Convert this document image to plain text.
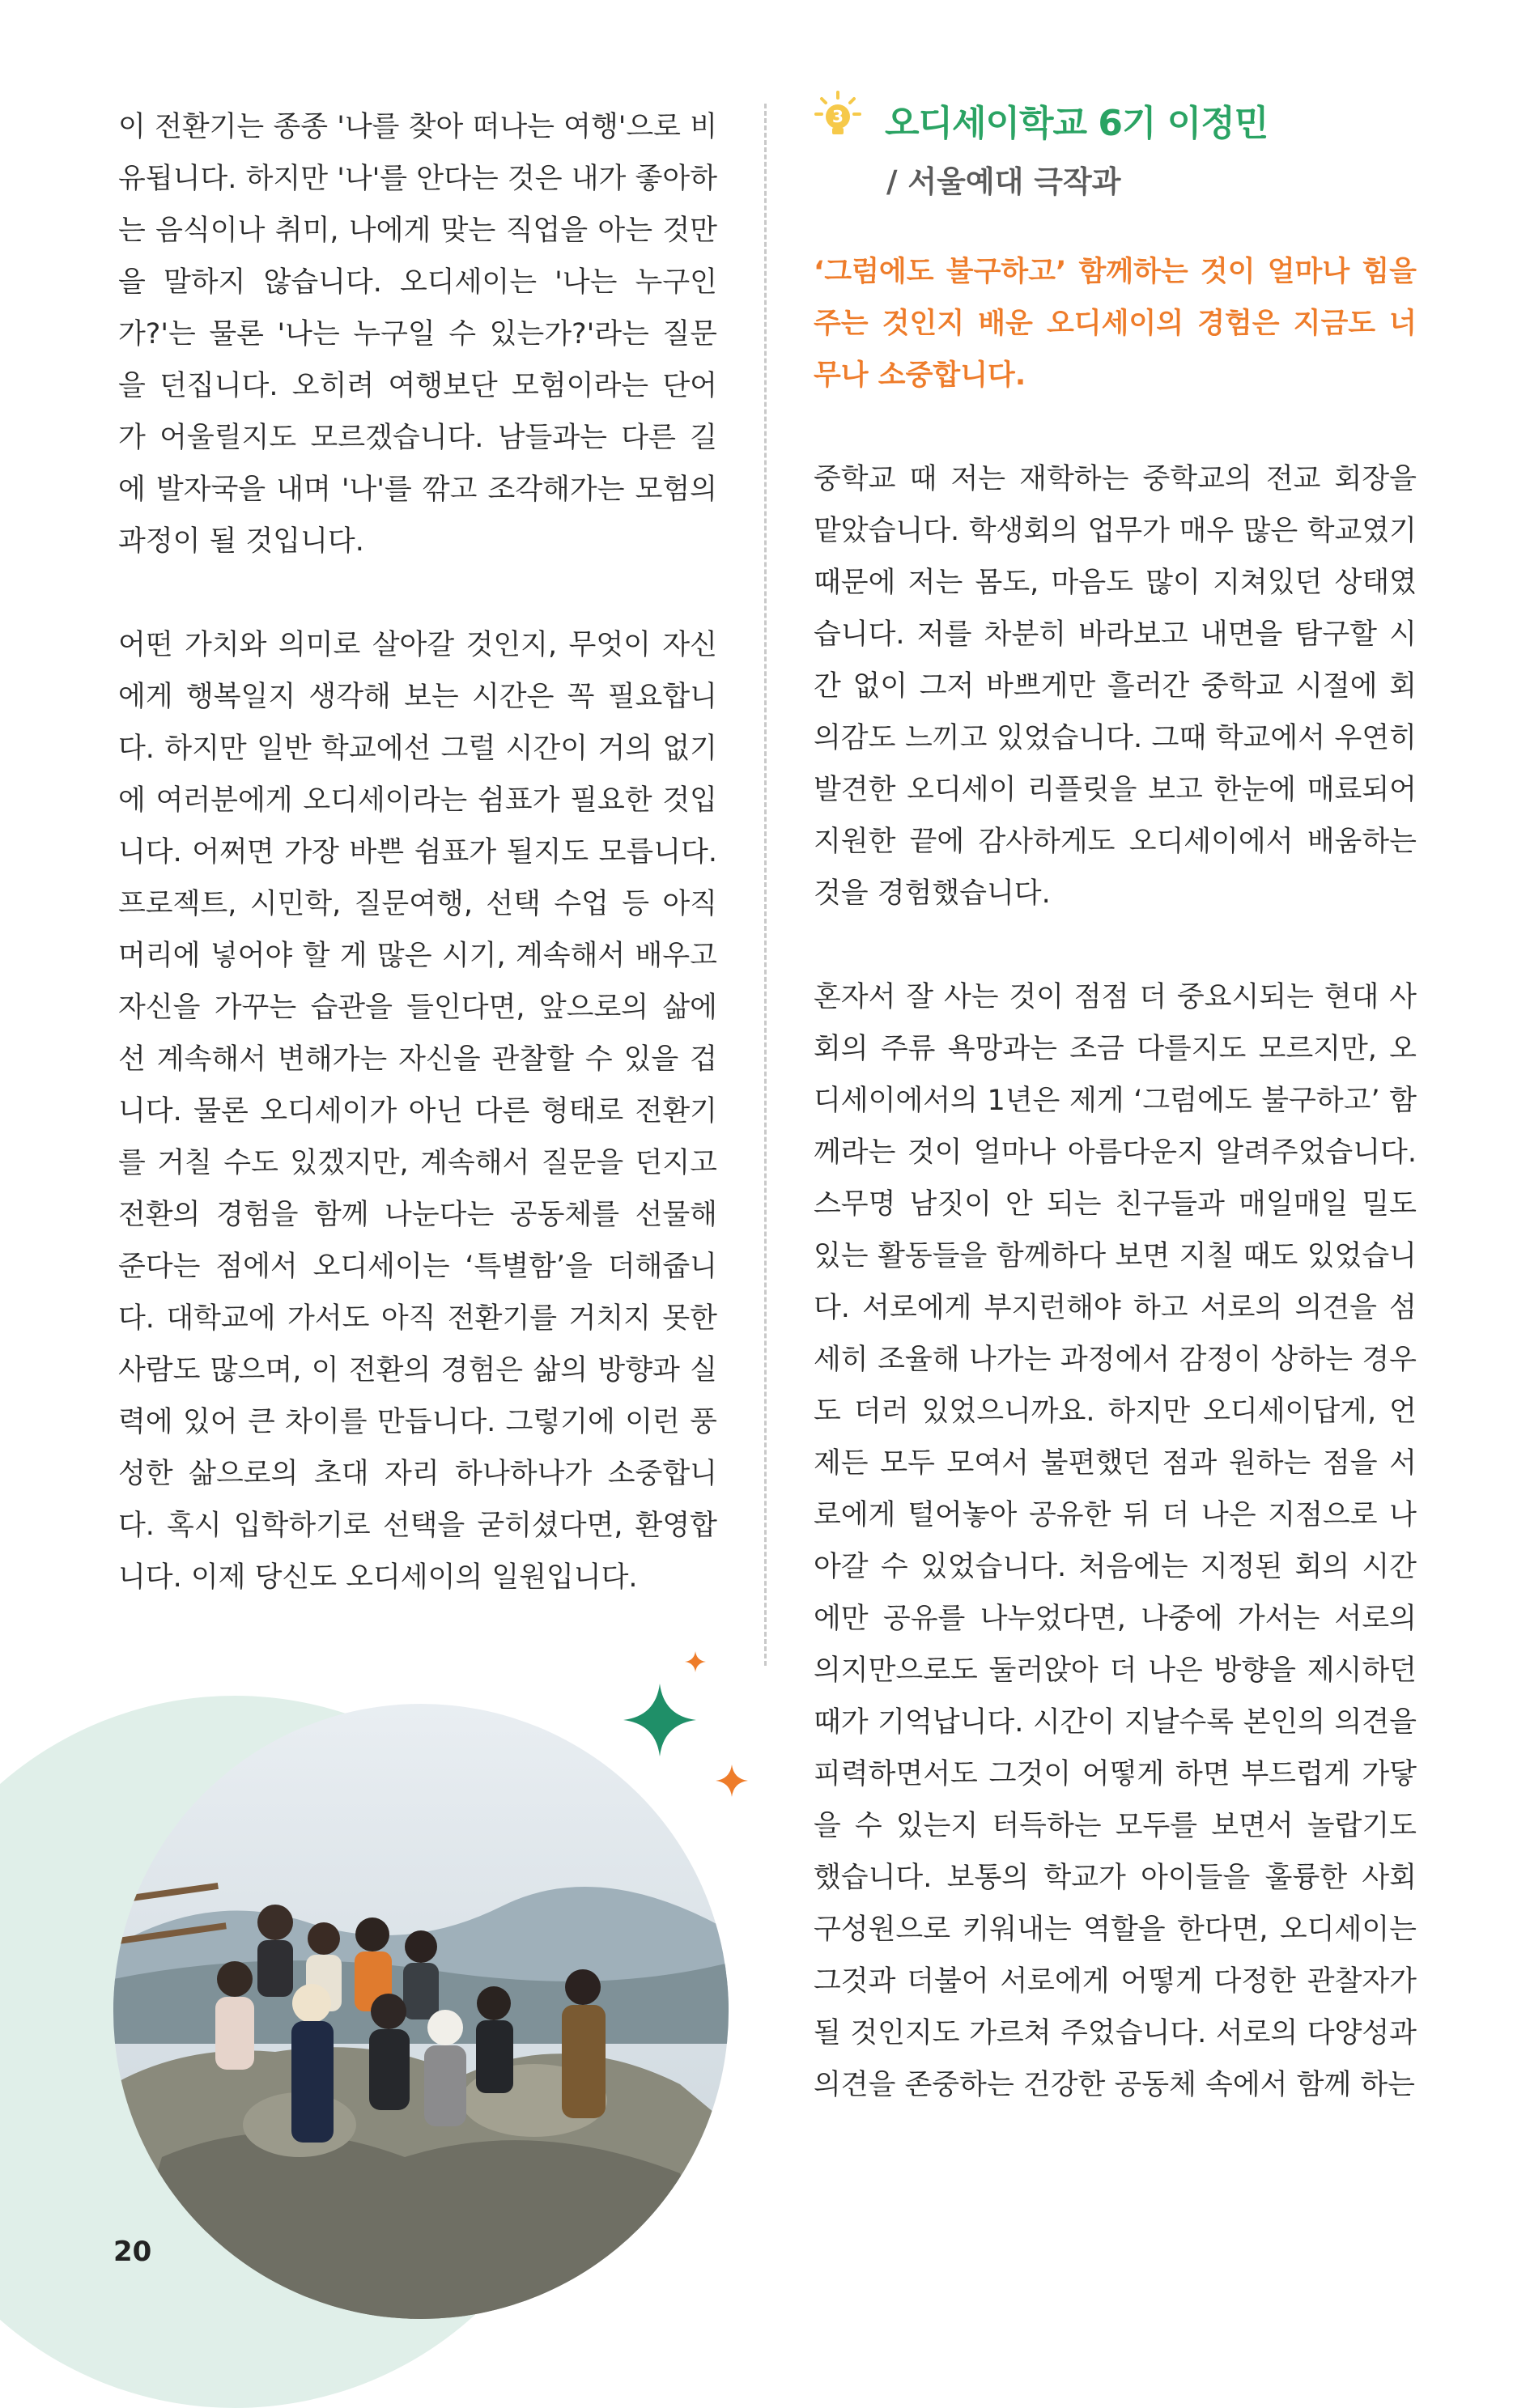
이 전환기는 종종 '나를 찾아 떠나는 여행'으로 비유됩니다. 하지만 '나'를 안다는 것은 내가 좋아하는 음식이나 취미, 나에게 맞는 직업을 아는 것만을 말하지 않습니다. 오디세이는 '나는 누구인가?'는 물론 '나는 누구일 수 있는가?'라는 질문을 던집니다. 오히려 여행보단 모험이라는 단어가 어울릴지도 모르겠습니다. 남들과는 다른 길에 발자국을 내며 '나'를 깎고 조각해가는 모험의 과정이 될 것입니다.

어떤 가치와 의미로 살아갈 것인지, 무엇이 자신에게 행복일지 생각해 보는 시간은 꼭 필요합니다. 하지만 일반 학교에선 그럴 시간이 거의 없기에 여러분에게 오디세이라는 쉼표가 필요한 것입니다. 어쩌면 가장 바쁜 쉼표가 될지도 모릅니다. 프로젝트, 시민학, 질문여행, 선택 수업 등 아직 머리에 넣어야 할 게 많은 시기, 계속해서 배우고 자신을 가꾸는 습관을 들인다면, 앞으로의 삶에선 계속해서 변해가는 자신을 관찰할 수 있을 겁니다. 물론 오디세이가 아닌 다른 형태로 전환기를 거칠 수도 있겠지만, 계속해서 질문을 던지고 전환의 경험을 함께 나눈다는 공동체를 선물해 준다는 점에서 오디세이는 ‘특별함’을 더해줍니다. 대학교에 가서도 아직 전환기를 거치지 못한 사람도 많으며, 이 전환의 경험은 삶의 방향과 실력에 있어 큰 차이를 만듭니다. 그렇기에 이런 풍성한 삶으로의 초대 자리 하나하나가 소중합니다. 혹시 입학하기로 선택을 굳히셨다면, 환영합니다. 이제 당신도 오디세이의 일원입니다.

3 오디세이학교 6기 이정민
/ 서울예대 극작과

‘그럼에도 불구하고’ 함께하는 것이 얼마나 힘을 주는 것인지 배운 오디세이의 경험은 지금도 너무나 소중합니다.

중학교 때 저는 재학하는 중학교의 전교 회장을 맡았습니다. 학생회의 업무가 매우 많은 학교였기 때문에 저는 몸도, 마음도 많이 지쳐있던 상태였습니다. 저를 차분히 바라보고 내면을 탐구할 시간 없이 그저 바쁘게만 흘러간 중학교 시절에 회의감도 느끼고 있었습니다. 그때 학교에서 우연히 발견한 오디세이 리플릿을 보고 한눈에 매료되어 지원한 끝에 감사하게도 오디세이에서 배움하는 것을 경험했습니다.

혼자서 잘 사는 것이 점점 더 중요시되는 현대 사회의 주류 욕망과는 조금 다를지도 모르지만, 오디세이에서의 1년은 제게 ‘그럼에도 불구하고’ 함께라는 것이 얼마나 아름다운지 알려주었습니다. 스무명 남짓이 안 되는 친구들과 매일매일 밀도 있는 활동들을 함께하다 보면 지칠 때도 있었습니다. 서로에게 부지런해야 하고 서로의 의견을 섬세히 조율해 나가는 과정에서 감정이 상하는 경우도 더러 있었으니까요. 하지만 오디세이답게, 언제든 모두 모여서 불편했던 점과 원하는 점을 서로에게 털어놓아 공유한 뒤 더 나은 지점으로 나아갈 수 있었습니다. 처음에는 지정된 회의 시간에만 공유를 나누었다면, 나중에 가서는 서로의 의지만으로도 둘러앉아 더 나은 방향을 제시하던 때가 기억납니다. 시간이 지날수록 본인의 의견을 피력하면서도 그것이 어떻게 하면 부드럽게 가닿을 수 있는지 터득하는 모두를 보면서 놀랍기도 했습니다. 보통의 학교가 아이들을 훌륭한 사회 구성원으로 키워내는 역할을 한다면, 오디세이는 그것과 더불어 서로에게 어떻게 다정한 관찰자가 될 것인지도 가르쳐 주었습니다. 서로의 다양성과 의견을 존중하는 건강한 공동체 속에서 함께 하는

20
